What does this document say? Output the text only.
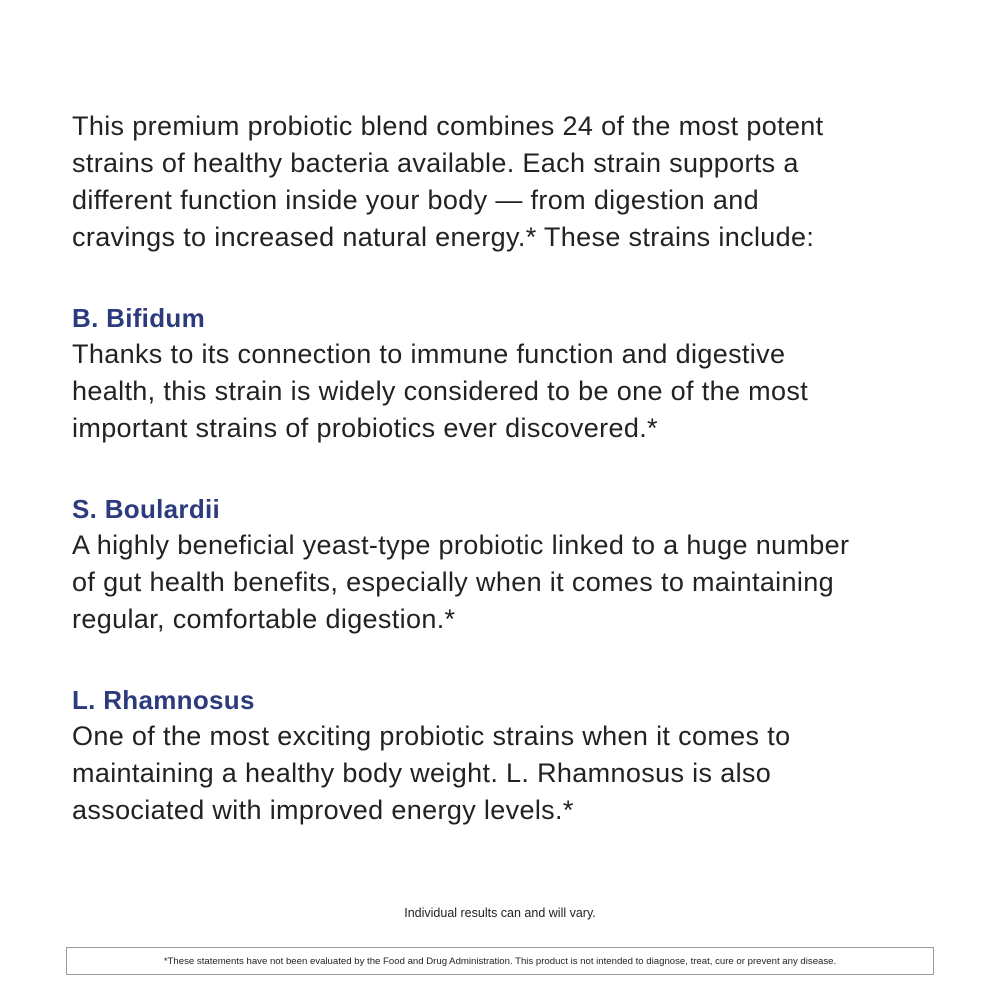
This premium probiotic blend combines 24 of the most potent
strains of healthy bacteria available. Each strain supports a
different function inside your body — from digestion and
cravings to increased natural energy.* These strains include:

B. Bifidum

Thanks to its connection to immune function and digestive
health, this strain is widely considered to be one of the most
important strains of probiotics ever discovered.*

S. Boulardii

A highly beneficial yeast-type probiotic linked to a huge number
of gut health benefits, especially when it comes to maintaining
regular, comfortable digestion.*

L. Rhamnosus

One of the most exciting probiotic strains when it comes to
maintaining a healthy body weight. L. Rhamnosus is also
associated with improved energy levels.*

Individual results can and will vary.
*These statements have not been evaluated by the Food and Drug Administration. This product is not intended to diagnose, treat, cure or prevent any disease.
